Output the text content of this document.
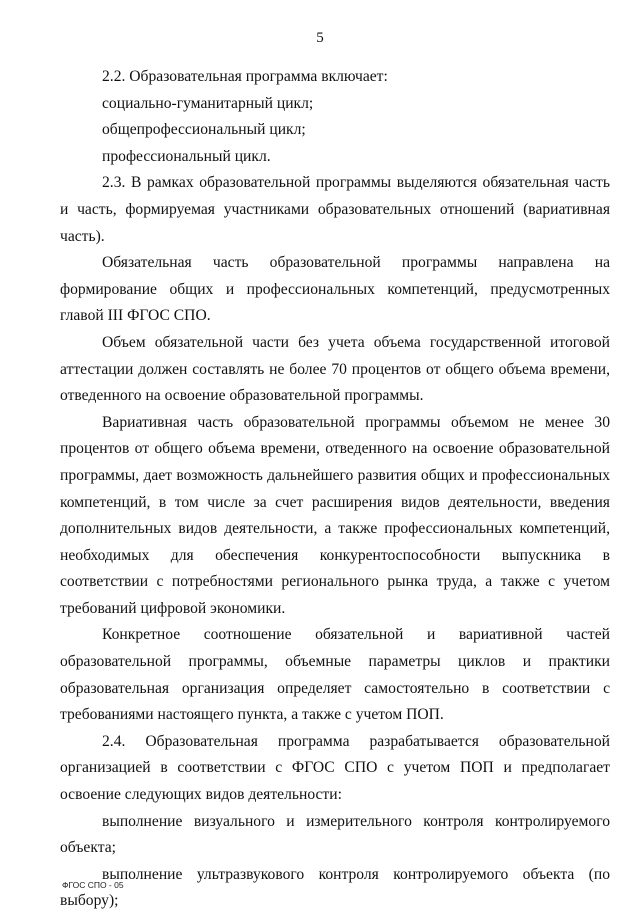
5

2.2. Образовательная программа включает:

социально-гуманитарный цикл;

общепрофессиональный цикл;

профессиональный цикл.

2.3. В рамках образовательной программы выделяются обязательная часть и часть, формируемая участниками образовательных отношений (вариативная часть).

Обязательная часть образовательной программы направлена на формирование общих и профессиональных компетенций, предусмотренных главой III ФГОС СПО.

Объем обязательной части без учета объема государственной итоговой аттестации должен составлять не более 70 процентов от общего объема времени, отведенного на освоение образовательной программы.

Вариативная часть образовательной программы объемом не менее 30 процентов от общего объема времени, отведенного на освоение образовательной программы, дает возможность дальнейшего развития общих и профессиональных компетенций, в том числе за счет расширения видов деятельности, введения дополнительных видов деятельности, а также профессиональных компетенций, необходимых для обеспечения конкурентоспособности выпускника в соответствии с потребностями регионального рынка труда, а также с учетом требований цифровой экономики.

Конкретное соотношение обязательной и вариативной частей образовательной программы, объемные параметры циклов и практики образовательная организация определяет самостоятельно в соответствии с требованиями настоящего пункта, а также с учетом ПОП.

2.4. Образовательная программа разрабатывается образовательной организацией в соответствии с ФГОС СПО с учетом ПОП и предполагает освоение следующих видов деятельности:

выполнение визуального и измерительного контроля контролируемого объекта;

выполнение ультразвукового контроля контролируемого объекта (по выбору);

ФГОС СПО - 05
